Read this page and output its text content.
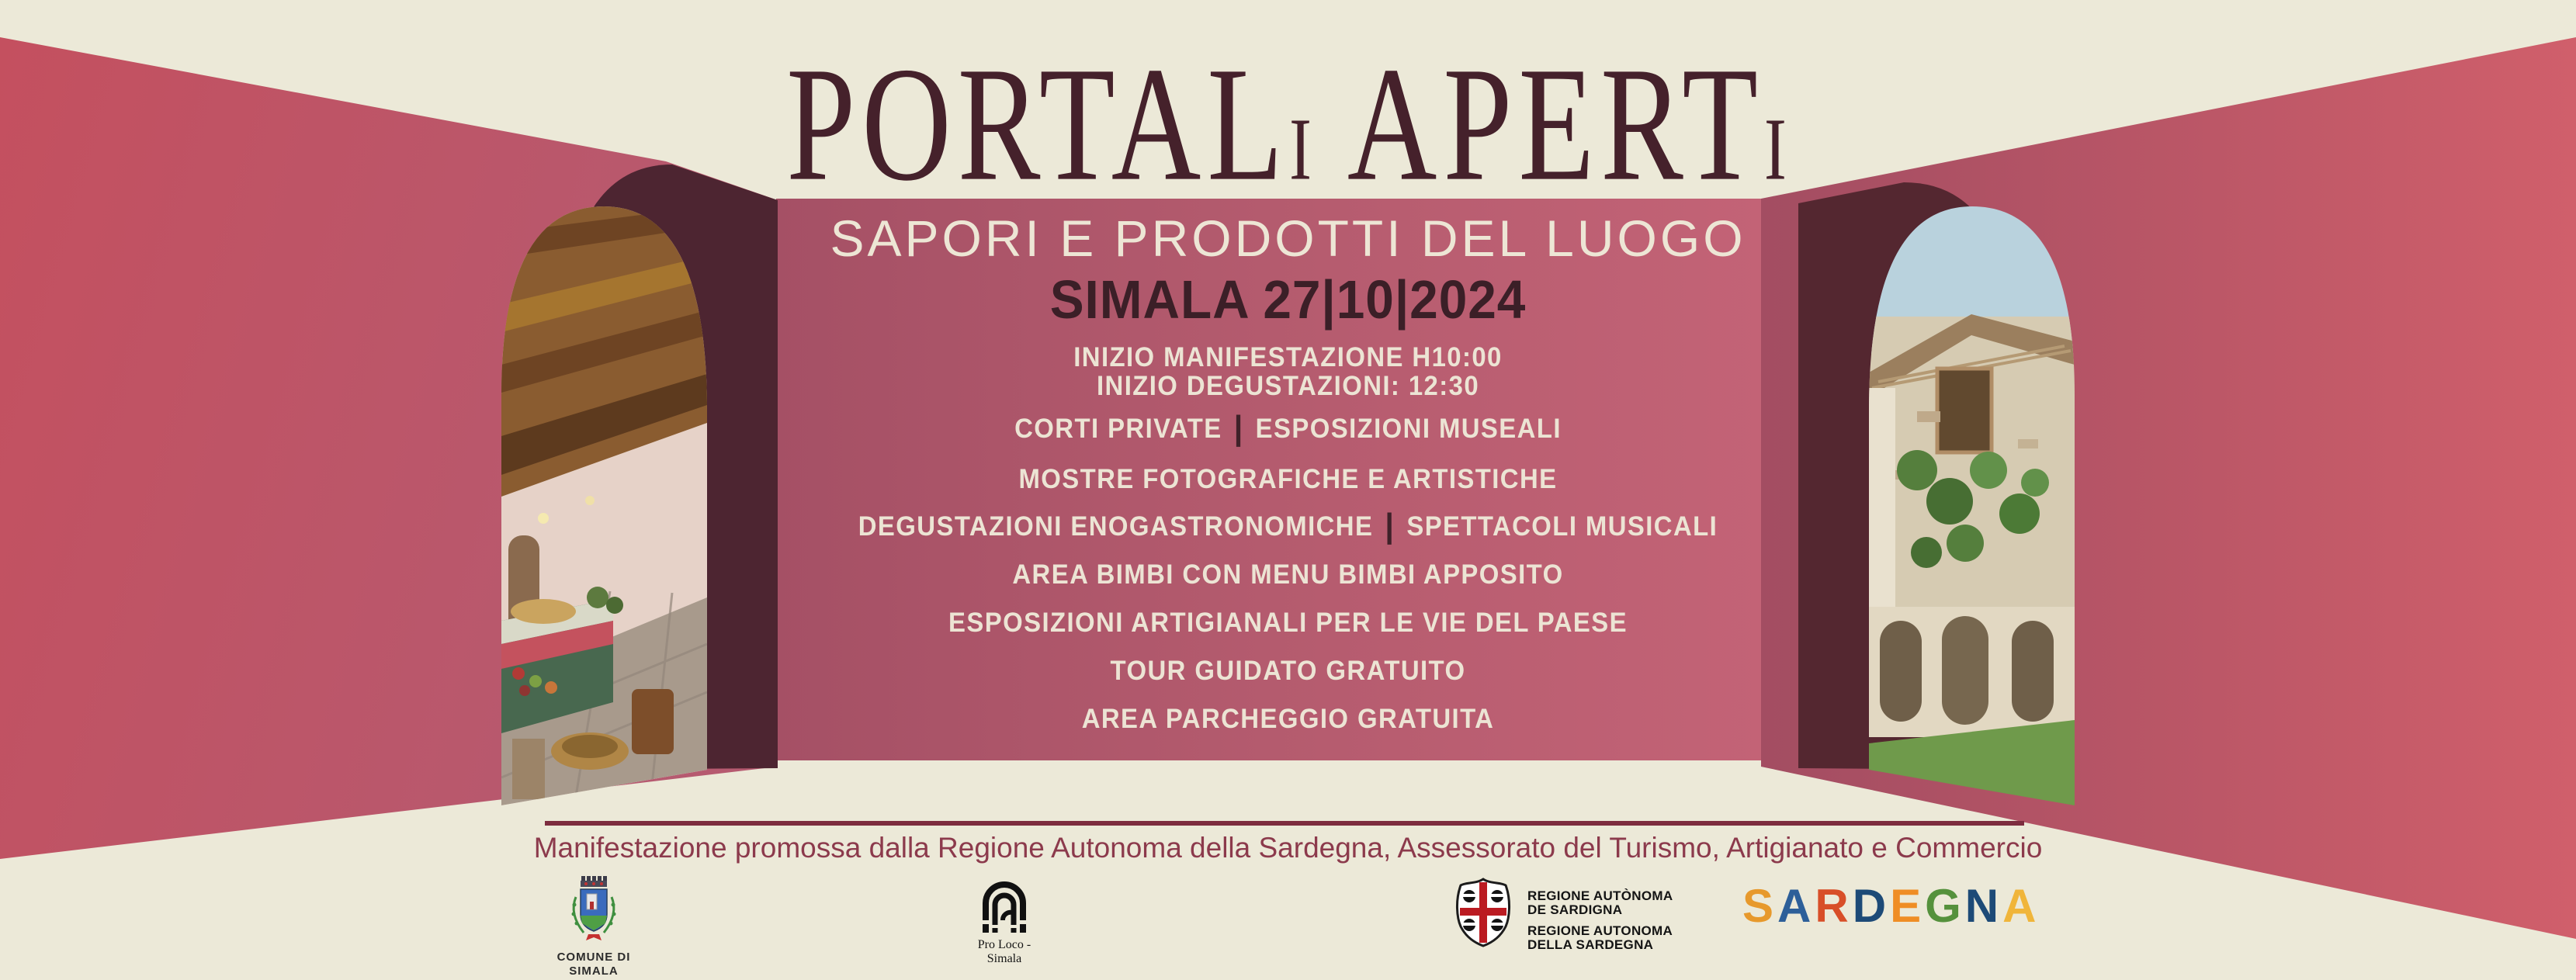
PORTALI APERTI
SAPORI E PRODOTTI DEL LUOGO
SIMALA 27|10|2024
INIZIO MANIFESTAZIONE H10:00
INIZIO DEGUSTAZIONI: 12:30
CORTI PRIVATE | ESPOSIZIONI MUSEALI
MOSTRE FOTOGRAFICHE E ARTISTICHE
DEGUSTAZIONI ENOGASTRONOMICHE | SPETTACOLI MUSICALI
AREA BIMBI CON MENU BIMBI APPOSITO
ESPOSIZIONI ARTIGIANALI PER LE VIE DEL PAESE
TOUR GUIDATO GRATUITO
AREA PARCHEGGIO GRATUITA
Manifestazione promossa dalla Regione Autonoma della Sardegna, Assessorato del Turismo, Artigianato e Commercio
COMUNE DI SIMALA
Pro Loco - Simala
REGIONE AUTÒNOMA
DE SARDIGNA
REGIONE AUTONOMA
DELLA SARDEGNA
SARDEGNA
